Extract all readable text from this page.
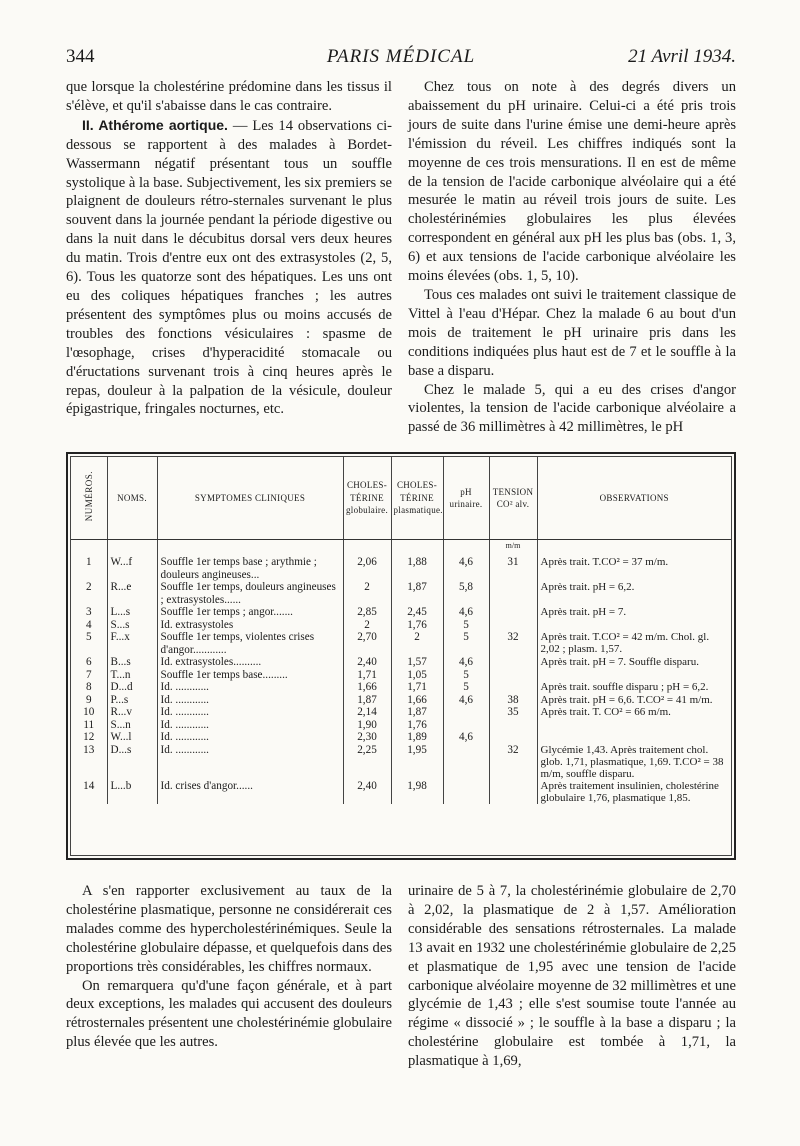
344	PARIS MÉDICAL	21 Avril 1934.

que lorsque la cholestérine prédomine dans les tissus il s'élève, et qu'il s'abaisse dans le cas contraire.

II. Athérome aortique. — Les 14 observations ci-dessous se rapportent à des malades à Bordet-Wassermann négatif présentant tous un souffle systolique à la base. Subjectivement, les six premiers se plaignent de douleurs rétro-sternales survenant le plus souvent dans la journée pendant la période digestive ou dans la nuit dans le décubitus dorsal vers deux heures du matin. Trois d'entre eux ont des extrasystoles (2, 5, 6). Tous les quatorze sont des hépatiques. Les uns ont eu des coliques hépatiques franches ; les autres présentent des symptômes plus ou moins accusés de troubles des fonctions vésiculaires : spasme de l'œsophage, crises d'hyperacidité stomacale ou d'éructations survenant trois à cinq heures après le repas, douleur à la palpation de la vésicule, douleur épigastrique, fringales nocturnes, etc.

Chez tous on note à des degrés divers un abaissement du pH urinaire. Celui-ci a été pris trois jours de suite dans l'urine émise une demi-heure après l'émission du réveil. Les chiffres indiqués sont la moyenne de ces trois mensurations. Il en est de même de la tension de l'acide carbonique alvéolaire qui a été mesurée le matin au réveil trois jours de suite. Les cholestérinémies globulaires les plus élevées correspondent en général aux pH les plus bas (obs. 1, 3, 6) et aux tensions de l'acide carbonique alvéolaire les moins élevées (obs. 1, 5, 10).

Tous ces malades ont suivi le traitement classique de Vittel à l'eau d'Hépar. Chez la malade 6 au bout d'un mois de traitement le pH urinaire pris dans les conditions indiquées plus haut est de 7 et le souffle à la base a disparu.

Chez le malade 5, qui a eu des crises d'angor violentes, la tension de l'acide carbonique alvéolaire a passé de 36 millimètres à 42 millimètres, le pH

NUMÉROS.	NOMS.	SYMPTOMES CLINIQUES	CHOLES-TÉRINE globulaire.	CHOLES-TÉRINE plasmatique.	pH urinaire.	TENSION CO² alv.	OBSERVATIONS
						m/m	
1	W...f	Souffle 1er temps base ; arythmie ; douleurs angineuses...	2,06	1,88	4,6	31	Après trait. T.CO² = 37 m/m.
2	R...e	Souffle 1er temps, douleurs angineuses ; extrasystoles......	2	1,87	5,8		Après trait. pH = 6,2.
3	L...s	Souffle 1er temps ; angor.......	2,85	2,45	4,6		Après trait. pH = 7.
4	S...s	Id. extrasystoles	2	1,76	5		
5	F...x	Souffle 1er temps, violentes crises d'angor............	2,70	2	5	32	Après trait. T.CO² = 42 m/m. Chol. gl. 2,02 ; plasm. 1,57.
6	B...s	Id. extrasystoles..........	2,40	1,57	4,6		Après trait. pH = 7. Souffle disparu.
7	T...n	Souffle 1er temps base.........	1,71	1,05	5		
8	D...d	Id. ............	1,66	1,71	5		Après trait. souffle disparu ; pH = 6,2.
9	P...s	Id. ............	1,87	1,66	4,6	38	Après trait. pH = 6,6. T.CO² = 41 m/m.
10	R...v	Id. ............	2,14	1,87		35	Après trait. T. CO² = 66 m/m.
11	S...n	Id. ............	1,90	1,76			
12	W...l	Id. ............	2,30	1,89	4,6		
13	D...s	Id. ............	2,25	1,95		32	Glycémie 1,43. Après traitement chol. glob. 1,71, plasmatique, 1,69. T.CO² = 38 m/m, souffle disparu.
14	L...b	Id. crises d'angor......	2,40	1,98			Après traitement insulinien, cholestérine globulaire 1,76, plasmatique 1,85.

A s'en rapporter exclusivement au taux de la cholestérine plasmatique, personne ne considérerait ces malades comme des hypercholestérinémiques. Seule la cholestérine globulaire dépasse, et quelquefois dans des proportions très considérables, les chiffres normaux.

On remarquera qu'd'une façon générale, et à part deux exceptions, les malades qui accusent des douleurs rétrosternales présentent une cholestérinémie globulaire plus élevée que les autres.

urinaire de 5 à 7, la cholestérinémie globulaire de 2,70 à 2,02, la plasmatique de 2 à 1,57. Amélioration considérable des sensations rétrosternales. La malade 13 avait en 1932 une cholestérinémie globulaire de 2,25 et plasmatique de 1,95 avec une tension de l'acide carbonique alvéolaire moyenne de 32 millimètres et une glycémie de 1,43 ; elle s'est soumise toute l'année au régime « dissocié » ; le souffle à la base a disparu ; la cholestérine globulaire est tombée à 1,71, la plasmatique à 1,69,
